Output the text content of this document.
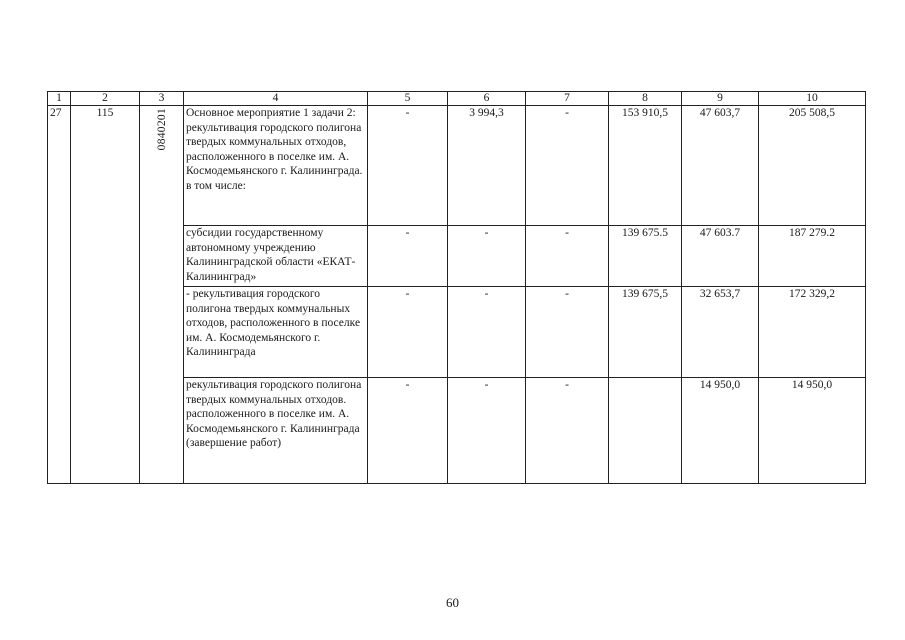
1	2	3	4	5	6	7	8	9	10
27	115	0840201	Основное мероприятие 1 задачи 2: рекультивация городского полигона твердых коммунальных отходов, расположенного в поселке им. А. Космодемьянского г. Калининграда. в том числе:	-	3 994,3	-	153 910,5	47 603,7	205 508,5
			субсидии государственному автономному учреждению Калининградской области «ЕКАТ-Калининград»	-	-	-	139 675.5	47 603.7	187 279.2
			- рекультивация городского полигона твердых коммунальных отходов, расположенного в поселке им. А. Космодемьянского г. Калининграда	-	-	-	139 675,5	32 653,7	172 329,2
			рекультивация городского полигона твердых коммунальных отходов. расположенного в поселке им. А. Космодемьянского г. Калининграда (завершение работ)	-	-	-		14 950,0	14 950,0
60
